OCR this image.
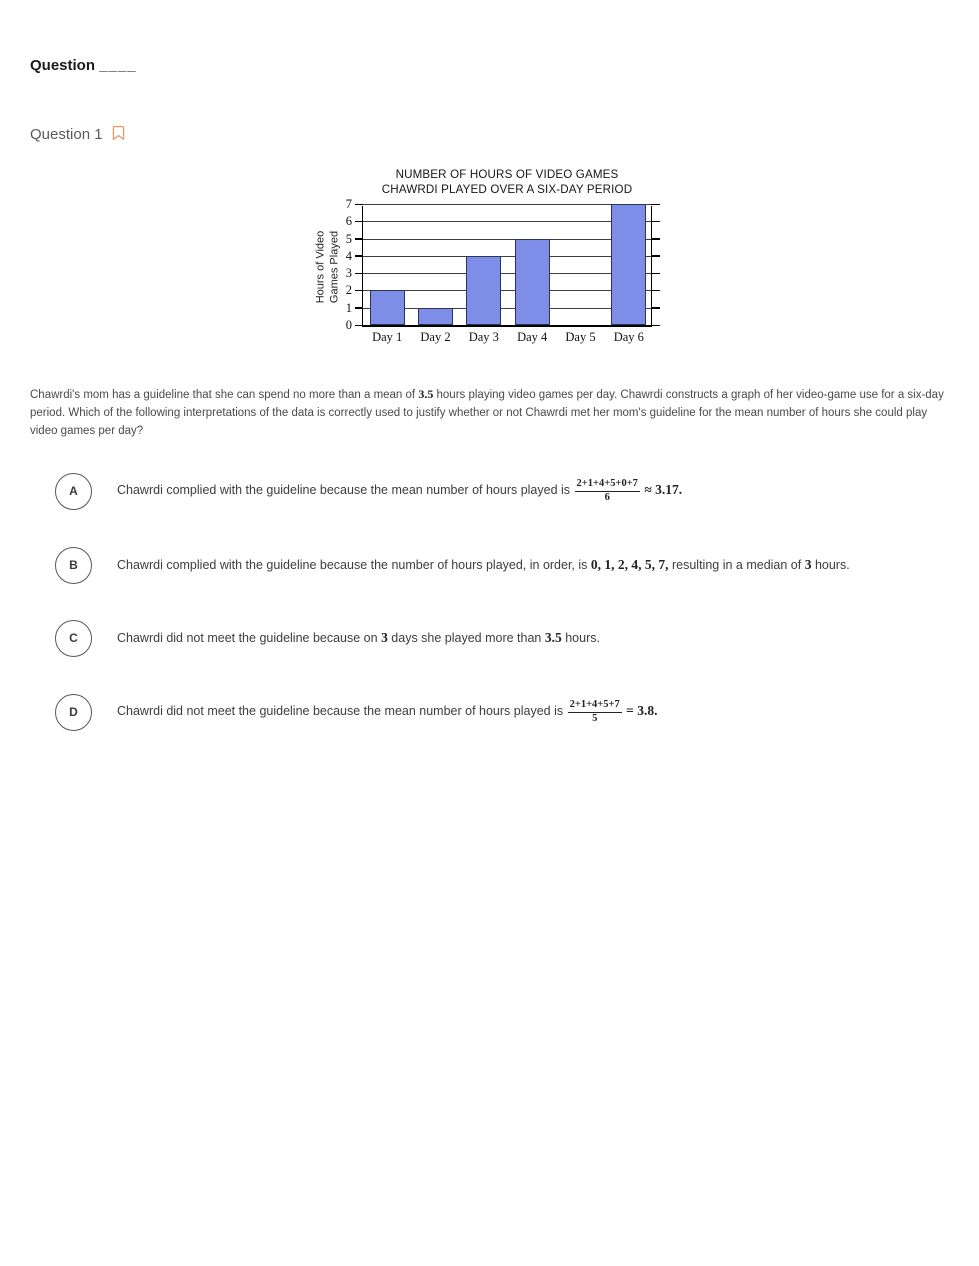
Question ____
Question 1
NUMBER OF HOURS OF VIDEO GAMES
CHAWRDI PLAYED OVER A SIX-DAY PERIOD
Hours of Video Games Played
0
1
2
3
4
5
6
7
Day 1	Day 2	Day 3	Day 4	Day 5	Day 6
Chawrdi's mom has a guideline that she can spend no more than a mean of 3.5 hours playing video games per day. Chawrdi constructs a graph of her video-game use for a six-day period. Which of the following interpretations of the data is correctly used to justify whether or not Chawrdi met her mom's guideline for the mean number of hours she could play video games per day?
A	Chawrdi complied with the guideline because the mean number of hours played is $\frac{2+1+4+5+0+7}{6} \approx 3.17$.
B	Chawrdi complied with the guideline because the number of hours played, in order, is 0, 1, 2, 4, 5, 7, resulting in a median of 3 hours.
C	Chawrdi did not meet the guideline because on 3 days she played more than 3.5 hours.
D	Chawrdi did not meet the guideline because the mean number of hours played is $\frac{2+1+4+5+7}{5} = 3.8$.
